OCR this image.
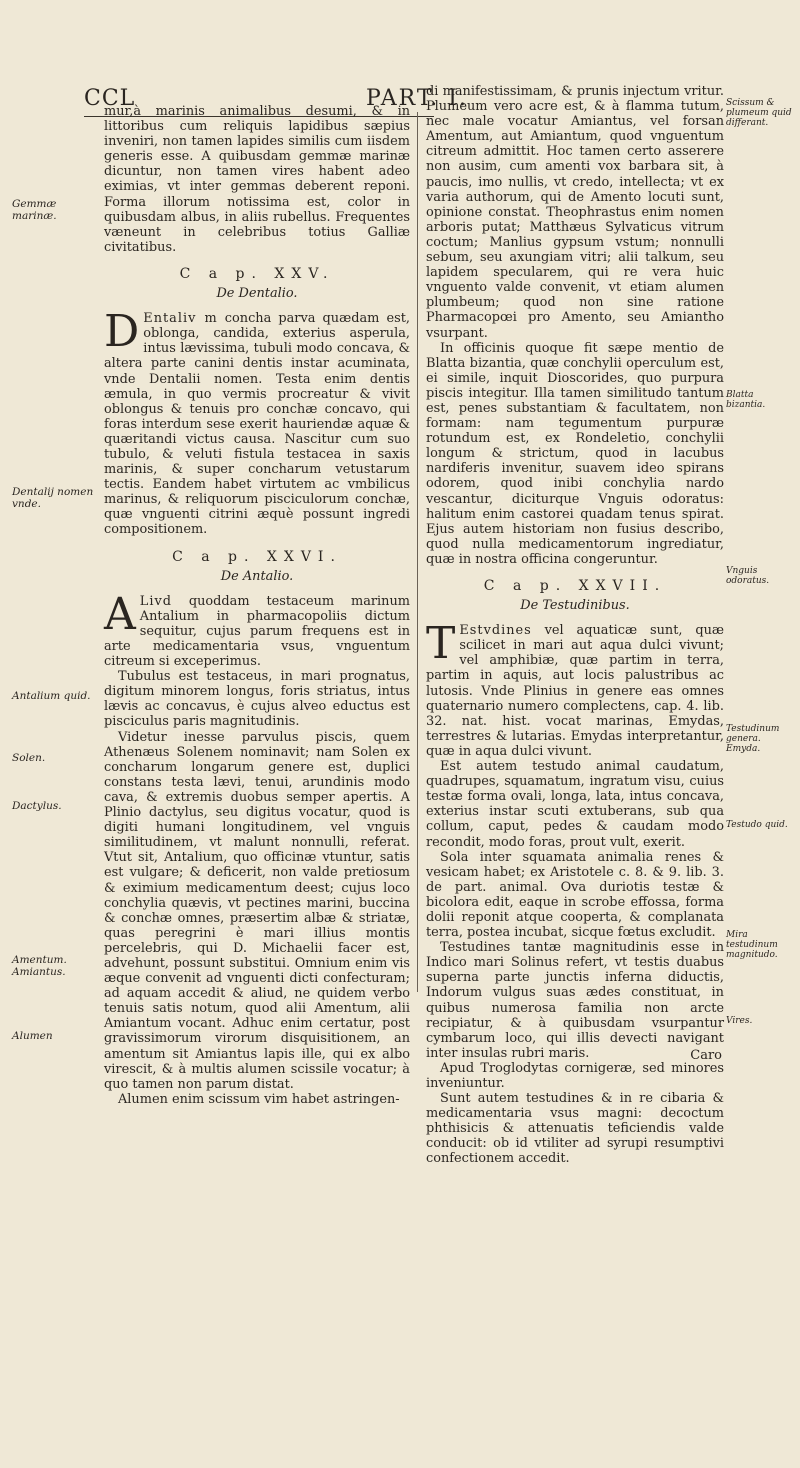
CCL	PART. I.

mur,à marinis animalibus desumi, & in littoribus cum reliquis lapidibus sæpius inveniri, non tamen lapides similis cum iisdem generis esse. A quibusdam gemmæ marinæ dicuntur, non tamen vires habent adeo eximias, vt inter gemmas deberent reponi. Forma illorum notissima est, color in quibusdam albus, in aliis rubellus. Frequentes væneunt in celebribus totius Galliæ civitatibus.

C a p. XXV.
De Dentalio.

D Entaliv m concha parva quædam est, oblonga, candida, exterius asperula, intus lævissima, tubuli modo concava, & altera parte canini dentis instar acuminata, vnde Dentalii nomen. Testa enim dentis æmula, in quo vermis procreatur & vivit oblongus & tenuis pro conchæ concavo, qui foras interdum sese exerit hauriendæ aquæ & quæritandi victus causa. Nascitur cum suo tubulo, & veluti fistula testacea in saxis marinis, & super concharum vetustarum tectis. Eandem habet virtutem ac vmbilicus marinus, & reliquorum pisciculorum conchæ, quæ vnguenti citrini æquè possunt ingredi compositionem.

C a p. XXVI.
De Antalio.

A Livd quoddam testaceum marinum Antalium in pharmacopoliis dictum sequitur, cujus parum frequens est in arte medicamentaria vsus, vnguentum citreum si excеperimus.

Tubulus est testaceus, in mari prognatus, digitum minorem longus, foris striatus, intus lævis ac concavus, è cujus alveo eductus est pisciculus paris magnitudinis.

Videtur inesse parvulus piscis, quem Athenæus Solenem nominavit; nam Solen ex concharum longarum genere est, duplici constans testa lævi, tenui, arundinis modo cava, & extremis duobus semper apertis. A Plinio dactylus, seu digitus vocatur, quod is digiti humani longitudinem, vel vnguis similitudinem, vt malunt nonnulli, referat. Vtut sit, Antalium, quo officinæ vtuntur, satis est vulgare; & deficerit, non valde pretiosum & eximium medicamentum deest; cujus loco conchylia quævis, vt pectines marini, buccina & conchæ omnes, præsertim albæ & striatæ, quas peregrini è mari illius montis percelebris, qui D. Michaelii facer est, advehunt, possunt substitui. Omnium enim vis æque convenit ad vnguenti dicti confecturam; ad aquam accedit & aliud, ne quidem verbo tenuis satis notum, quod alii Amentum, alii Amiantum vocant. Adhuc enim certatur, post gravissimorum virorum disquisitionem, an amentum sit Amiantus lapis ille, qui ex albo virescit, & à multis alumen scissile vocatur; à quo tamen non parum distat.

Alumen enim scissum vim habet astringen-

Gemmæ marinæ.
Dentalij nomen vnde.
Antalium quid.
Solen.
Dactylus.
Amentum. Amiantus.
Alumen

di manifestissimam, & prunis injectum vritur. Plumeum vero acre est, & à flamma tutum, nec male vocatur Amiantus, vel forsan Amentum, aut Amiantum, quod vnguentum citreum admittit. Hoc tamen certo asserere non ausim, cum amenti vox barbara sit, à paucis, imo nullis, vt credo, intellecta; vt ex varia authorum, qui de Amento locuti sunt, opinione constat. Theophrastus enim nomen arboris putat; Matthæus Sylvaticus vitrum coctum; Manlius gypsum vstum; nonnulli sebum, seu axungiam vitri; alii talkum, seu lapidem specularem, qui re vera huic vnguento valde convenit, vt etiam alumen plumbeum; quod non sine ratione Pharmacopœi pro Amento, seu Amiantho vsurpant.

In officinis quoque fit sæpe mentio de Blatta bizantia, quæ conchylii operculum est, ei simile, inquit Dioscorides, quo purpura piscis integitur. Illa tamen similitudo tantum est, penes substantiam & facultatem, non formam: nam tegumentum purpuræ rotundum est, ex Rondeletio, conchylii longum & strictum, quod in lacubus nardiferis invenitur, suavem ideo spirans odorem, quod inibi conchylia nardo vescantur, diciturque Vnguis odoratus: halitum enim castorei quadam tenus spirat. Ejus autem historiam non fusius describo, quod nulla medicamentorum ingrediatur, quæ in nostra officina congeruntur.

C a p. XXVII.
De Testudinibus.

T Estvdines vel aquaticæ sunt, quæ scilicet in mari aut aqua dulci vivunt; vel amphibiæ, quæ partim in terra, partim in aquis, aut locis palustribus ac lutosis. Vnde Plinius in genere eas omnes quaternario numero complectens, cap. 4. lib. 32. nat. hist. vocat marinas, Emydas, terrestres & lutarias. Emydas interpretantur, quæ in aqua dulci vivunt.

Est autem testudo animal caudatum, quadrupes, squamatum, ingratum visu, cuius testæ forma ovali, longa, lata, intus concava, exterius instar scuti extuberans, sub qua collum, caput, pedes & caudam modo recondit, modo foras, prout vult, exerit.

Sola inter squamata animalia renes & vesicam habet; ex Aristotele c. 8. & 9. lib. 3. de part. animal. Ova duriotis testæ & bicolora edit, eaque in scrobe effossa, forma dolii reponit atque cooperta, & complanata terra, postea incubat, sicque fœtus excludit.

Testudines tantæ magnitudinis esse in Indico mari Solinus refert, vt testis duabus superna parte junctis inferna diductis, Indorum vulgus suas ædes constituat, in quibus numerosa familia non arcte recipiatur, & à quibusdam vsurpantur cymbarum loco, qui illis devecti navigant inter insulas rubri maris.

Apud Troglodytas cornigeræ, sed minores inveniuntur.

Sunt autem testudines & in re cibaria & medicamentaria vsus magni: decoctum phthisicis & attenuatis teficiendis valde conducit: ob id vtiliter ad syrupi resumptivi confectionem accedit.

Scissum & plumeum quid differant.
Blatta bizantia.
Vnguis odoratus.
Testudinum genera. Emyda.
Testudo quid.
Mira testudinum magnitudo.
Vires.
Caro
